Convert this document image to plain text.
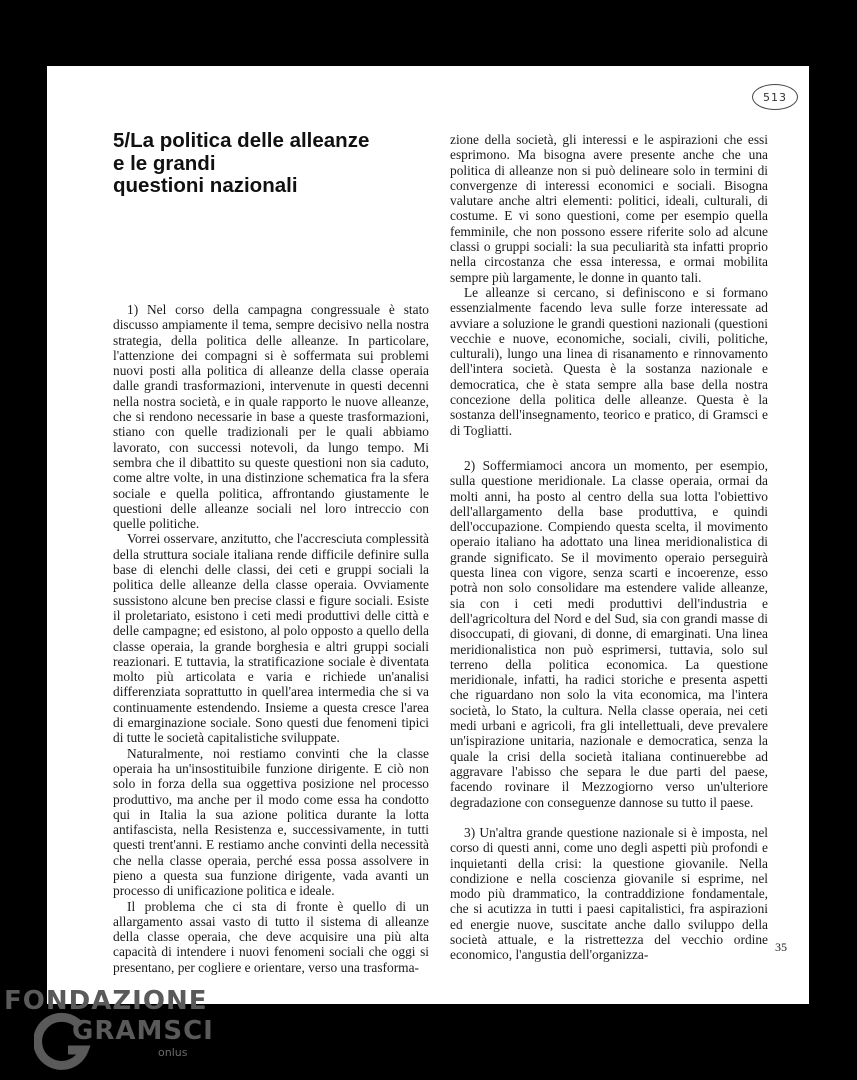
513
5/La politica delle alleanze
e le grandi
questioni nazionali

1) Nel corso della campagna congressuale è stato discusso ampiamente il tema, sempre decisivo nella nostra strategia, della politica delle alleanze. In particolare, l'attenzione dei compagni si è soffermata sui problemi nuovi posti alla politica di alleanze della classe operaia dalle grandi trasformazioni, intervenute in questi decenni nella nostra società, e in quale rapporto le nuove alleanze, che si rendono necessarie in base a queste trasformazioni, stiano con quelle tradizionali per le quali abbiamo lavorato, con successi notevoli, da lungo tempo. Mi sembra che il dibattito su queste questioni non sia caduto, come altre volte, in una distinzione schematica fra la sfera sociale e quella politica, affrontando giustamente le questioni delle alleanze sociali nel loro intreccio con quelle politiche.

Vorrei osservare, anzitutto, che l'accresciuta complessità della struttura sociale italiana rende difficile definire sulla base di elenchi delle classi, dei ceti e gruppi sociali la politica delle alleanze della classe operaia. Ovviamente sussistono alcune ben precise classi e figure sociali. Esiste il proletariato, esistono i ceti medi produttivi delle città e delle campagne; ed esistono, al polo opposto a quello della classe operaia, la grande borghesia e altri gruppi sociali reazionari. E tuttavia, la stratificazione sociale è diventata molto più articolata e varia e richiede un'analisi differenziata soprattutto in quell'area intermedia che si va continuamente estendendo. Insieme a questa cresce l'area di emarginazione sociale. Sono questi due fenomeni tipici di tutte le società capitalistiche sviluppate.

Naturalmente, noi restiamo convinti che la classe operaia ha un'insostituibile funzione dirigente. E ciò non solo in forza della sua oggettiva posizione nel processo produttivo, ma anche per il modo come essa ha condotto qui in Italia la sua azione politica durante la lotta antifascista, nella Resistenza e, successivamente, in tutti questi trent'anni. E restiamo anche convinti della necessità che nella classe operaia, perché essa possa assolvere in pieno a questa sua funzione dirigente, vada avanti un processo di unificazione politica e ideale.

Il problema che ci sta di fronte è quello di un allargamento assai vasto di tutto il sistema di alleanze della classe operaia, che deve acquisire una più alta capacità di intendere i nuovi fenomeni sociali che oggi si presentano, per cogliere e orientare, verso una trasforma-

zione della società, gli interessi e le aspirazioni che essi esprimono. Ma bisogna avere presente anche che una politica di alleanze non si può delineare solo in termini di convergenze di interessi economici e sociali. Bisogna valutare anche altri elementi: politici, ideali, culturali, di costume. E vi sono questioni, come per esempio quella femminile, che non possono essere riferite solo ad alcune classi o gruppi sociali: la sua peculiarità sta infatti proprio nella circostanza che essa interessa, e ormai mobilita sempre più largamente, le donne in quanto tali.

Le alleanze si cercano, si definiscono e si formano essenzialmente facendo leva sulle forze interessate ad avviare a soluzione le grandi questioni nazionali (questioni vecchie e nuove, economiche, sociali, civili, politiche, culturali), lungo una linea di risanamento e rinnovamento dell'intera società. Questa è la sostanza nazionale e democratica, che è stata sempre alla base della nostra concezione della politica delle alleanze. Questa è la sostanza dell'insegnamento, teorico e pratico, di Gramsci e di Togliatti.

2) Soffermiamoci ancora un momento, per esempio, sulla questione meridionale. La classe operaia, ormai da molti anni, ha posto al centro della sua lotta l'obiettivo dell'allargamento della base produttiva, e quindi dell'occupazione. Compiendo questa scelta, il movimento operaio italiano ha adottato una linea meridionalistica di grande significato. Se il movimento operaio perseguirà questa linea con vigore, senza scarti e incoerenze, esso potrà non solo consolidare ma estendere valide alleanze, sia con i ceti medi produttivi dell'industria e dell'agricoltura del Nord e del Sud, sia con grandi masse di disoccupati, di giovani, di donne, di emarginati. Una linea meridionalistica non può esprimersi, tuttavia, solo sul terreno della politica economica. La questione meridionale, infatti, ha radici storiche e presenta aspetti che riguardano non solo la vita economica, ma l'intera società, lo Stato, la cultura. Nella classe operaia, nei ceti medi urbani e agricoli, fra gli intellettuali, deve prevalere un'ispirazione unitaria, nazionale e democratica, senza la quale la crisi della società italiana continuerebbe ad aggravare l'abisso che separa le due parti del paese, facendo rovinare il Mezzogiorno verso un'ulteriore degradazione con conseguenze dannose su tutto il paese.

3) Un'altra grande questione nazionale si è imposta, nel corso di questi anni, come uno degli aspetti più profondi e inquietanti della crisi: la questione giovanile. Nella condizione e nella coscienza giovanile si esprime, nel modo più drammatico, la contraddizione fondamentale, che si acutizza in tutti i paesi capitalistici, fra aspirazioni ed energie nuove, suscitate anche dallo sviluppo della società attuale, e la ristrettezza del vecchio ordine economico, l'angustia dell'organizza-

35
FONDAZIONE
GRAMSCI
onlus
